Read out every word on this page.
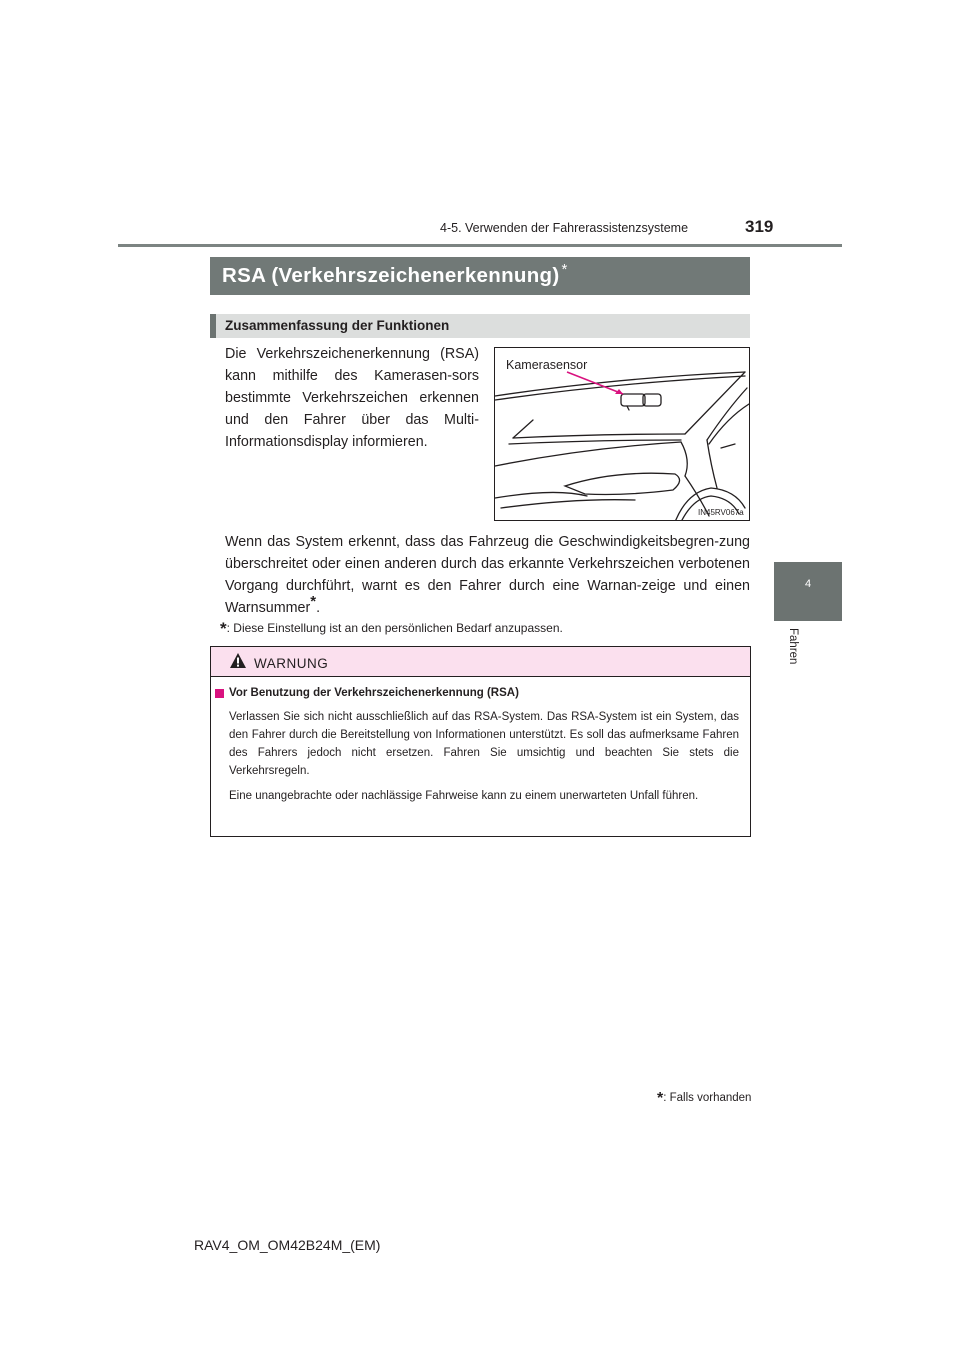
4-5. Verwenden der Fahrerassistenzsysteme	319
4
Fahren
RSA (Verkehrszeichenerkennung) *
Zusammenfassung der Funktionen
Die Verkehrszeichenerkennung (RSA) kann mithilfe des Kamerasen-sors bestimmte Verkehrszeichen erkennen und den Fahrer über das Multi-Informationsdisplay informieren.
Kamerasensor
IN45RV067a
Wenn das System erkennt, dass das Fahrzeug die Geschwindigkeitsbegren-zung überschreitet oder einen anderen durch das erkannte Verkehrszeichen verbotenen Vorgang durchführt, warnt es den Fahrer durch eine Warnan-zeige und einen Warnsummer*.
*: Diese Einstellung ist an den persönlichen Bedarf anzupassen.
WARNUNG
Vor Benutzung der Verkehrszeichenerkennung (RSA)
Verlassen Sie sich nicht ausschließlich auf das RSA-System. Das RSA-System ist ein System, das den Fahrer durch die Bereitstellung von Informationen unterstützt. Es soll das aufmerksame Fahren des Fahrers jedoch nicht ersetzen. Fahren Sie umsichtig und beachten Sie stets die Verkehrsregeln.
Eine unangebrachte oder nachlässige Fahrweise kann zu einem unerwarteten Unfall führen.
*: Falls vorhanden
RAV4_OM_OM42B24M_(EM)
